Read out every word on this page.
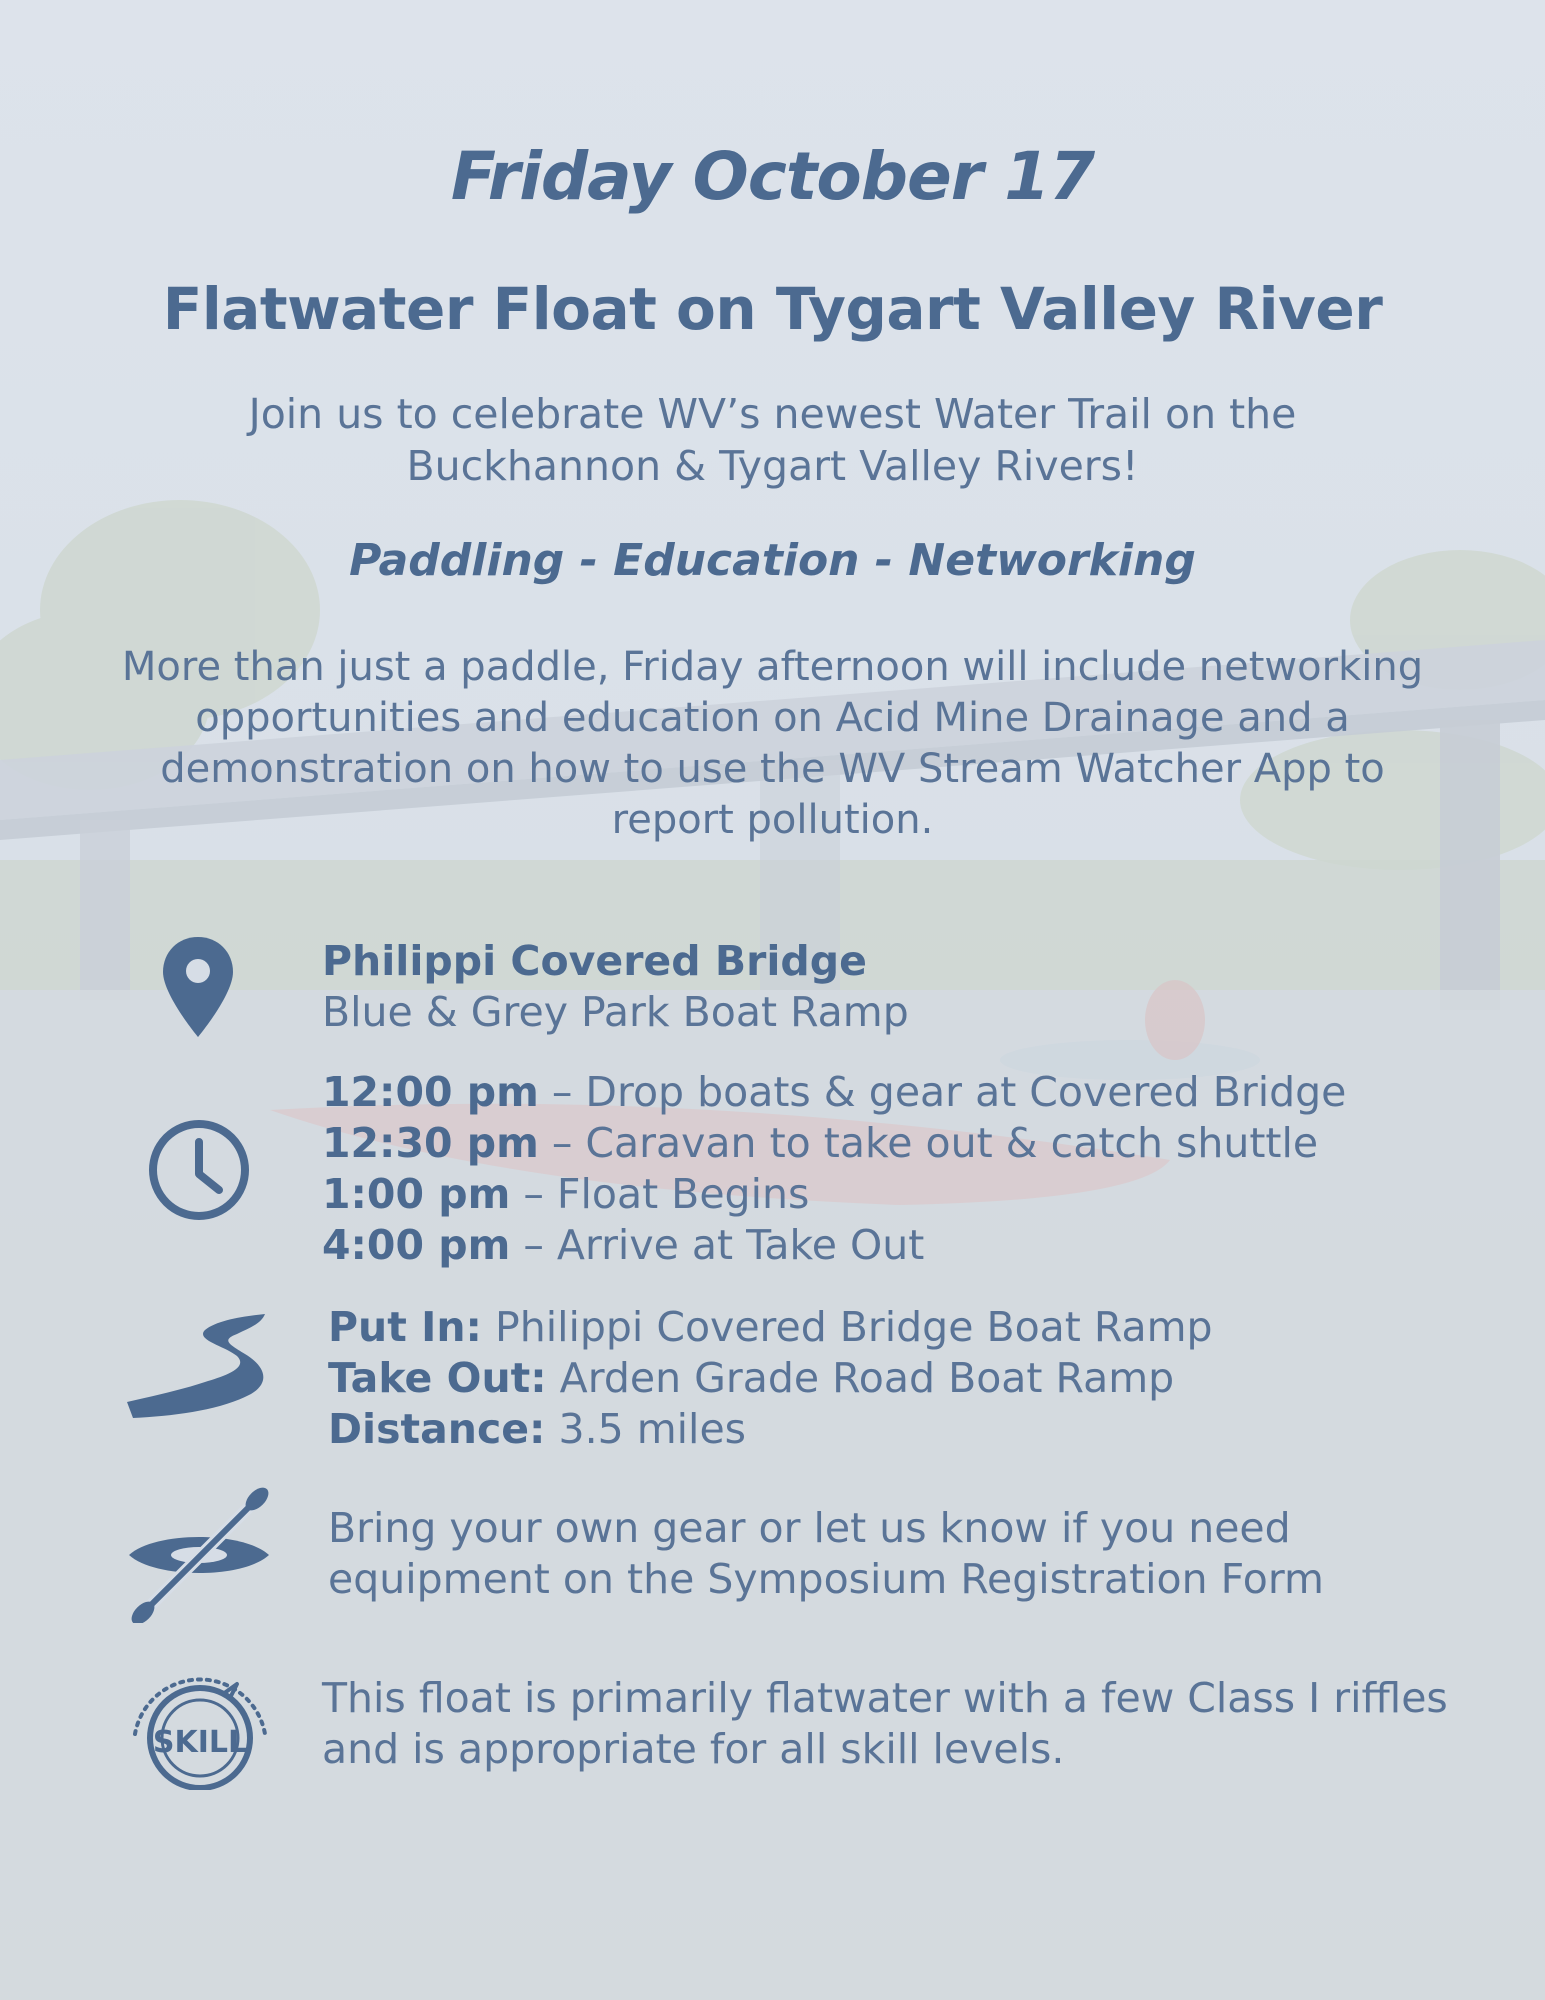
Friday October 17
Flatwater Float on Tygart Valley River
Join us to celebrate WV’s newest Water Trail on the Buckhannon & Tygart Valley Rivers!
Paddling - Education - Networking
More than just a paddle, Friday afternoon will include networking opportunities and education on Acid Mine Drainage and a demonstration on how to use the WV Stream Watcher App to report pollution.
Philippi Covered Bridge
Blue & Grey Park Boat Ramp
12:00 pm – Drop boats & gear at Covered Bridge
12:30 pm – Caravan to take out & catch shuttle
1:00 pm – Float Begins
4:00 pm – Arrive at Take Out
Put In: Philippi Covered Bridge Boat Ramp
Take Out: Arden Grade Road Boat Ramp
Distance: 3.5 miles
Bring your own gear or let us know if you need equipment on the Symposium Registration Form
SKILL
This float is primarily flatwater with a few Class I riffles and is appropriate for all skill levels.
